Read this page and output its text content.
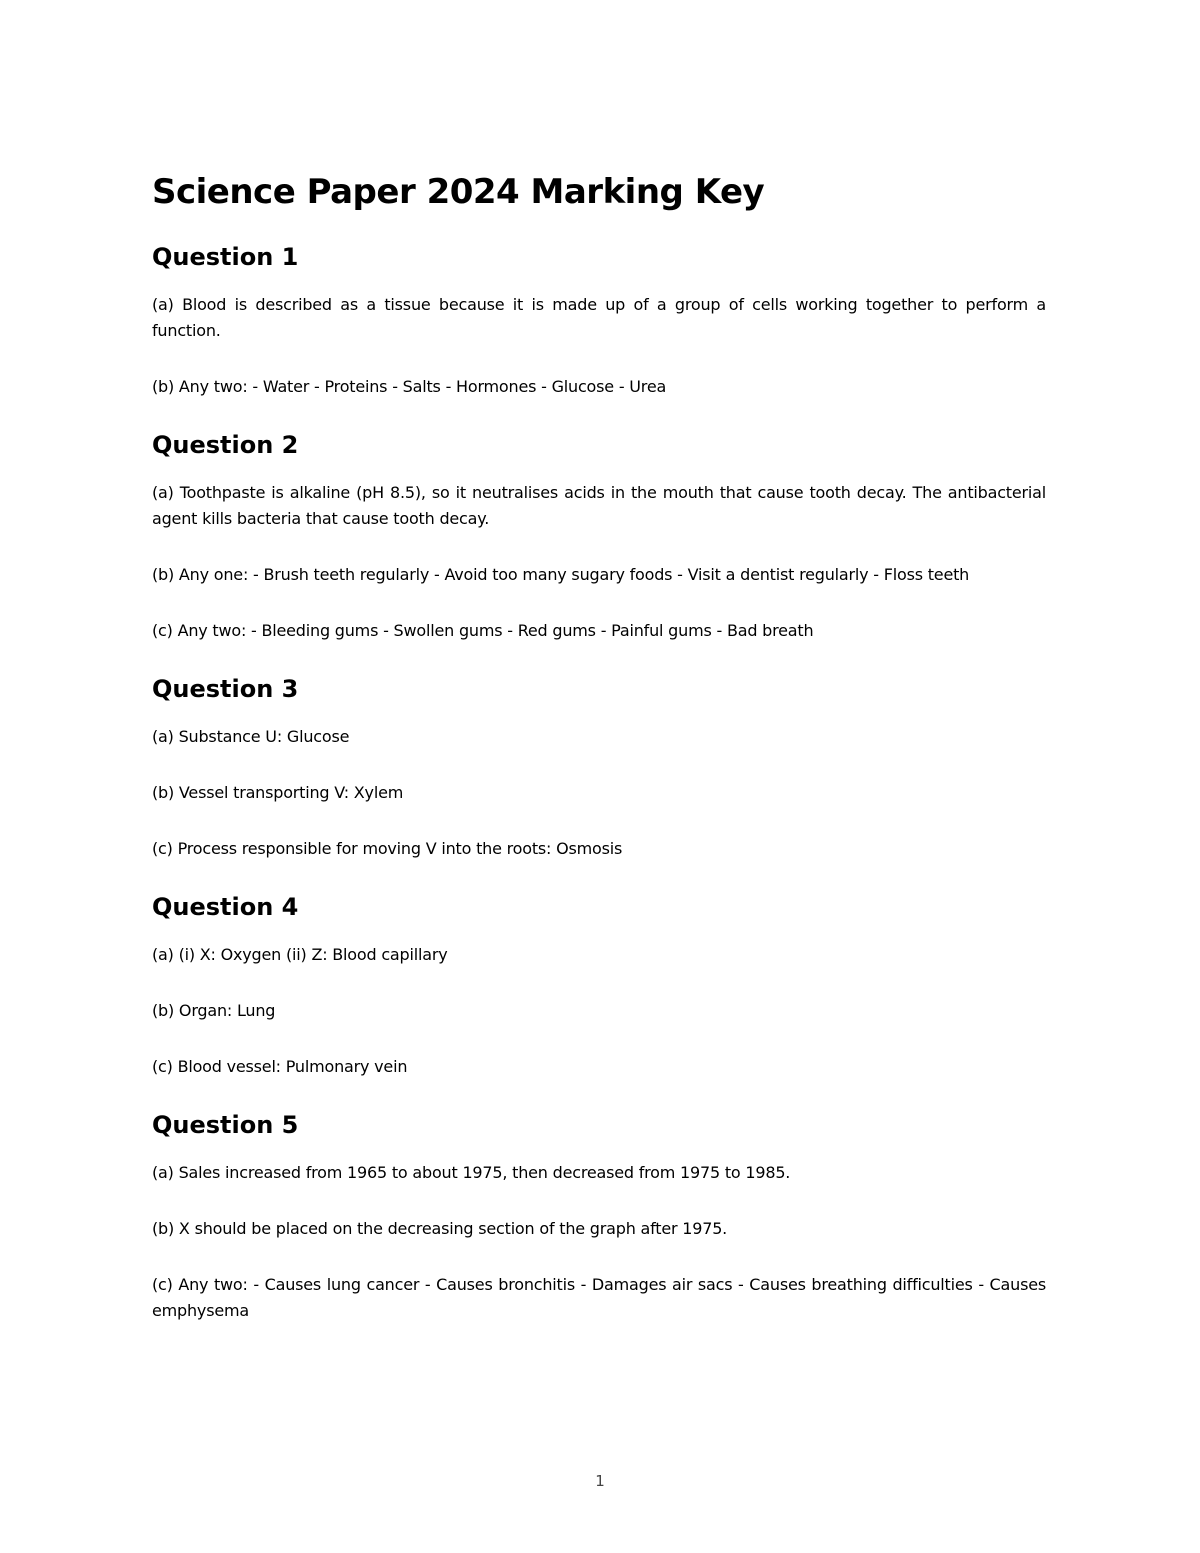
Science Paper 2024 Marking Key
Question 1

(a) Blood is described as a tissue because it is made up of a group of cells working together to perform a function.

(b) Any two: - Water - Proteins - Salts - Hormones - Glucose - Urea

Question 2

(a) Toothpaste is alkaline (pH 8.5), so it neutralises acids in the mouth that cause tooth decay. The antibacterial agent kills bacteria that cause tooth decay.

(b) Any one: - Brush teeth regularly - Avoid too many sugary foods - Visit a dentist regularly - Floss teeth

(c) Any two: - Bleeding gums - Swollen gums - Red gums - Painful gums - Bad breath

Question 3

(a) Substance U: Glucose

(b) Vessel transporting V: Xylem

(c) Process responsible for moving V into the roots: Osmosis

Question 4

(a) (i) X: Oxygen (ii) Z: Blood capillary

(b) Organ: Lung

(c) Blood vessel: Pulmonary vein

Question 5

(a) Sales increased from 1965 to about 1975, then decreased from 1975 to 1985.

(b) X should be placed on the decreasing section of the graph after 1975.

(c) Any two: - Causes lung cancer - Causes bronchitis - Damages air sacs - Causes breathing difficulties - Causes emphysema

1
